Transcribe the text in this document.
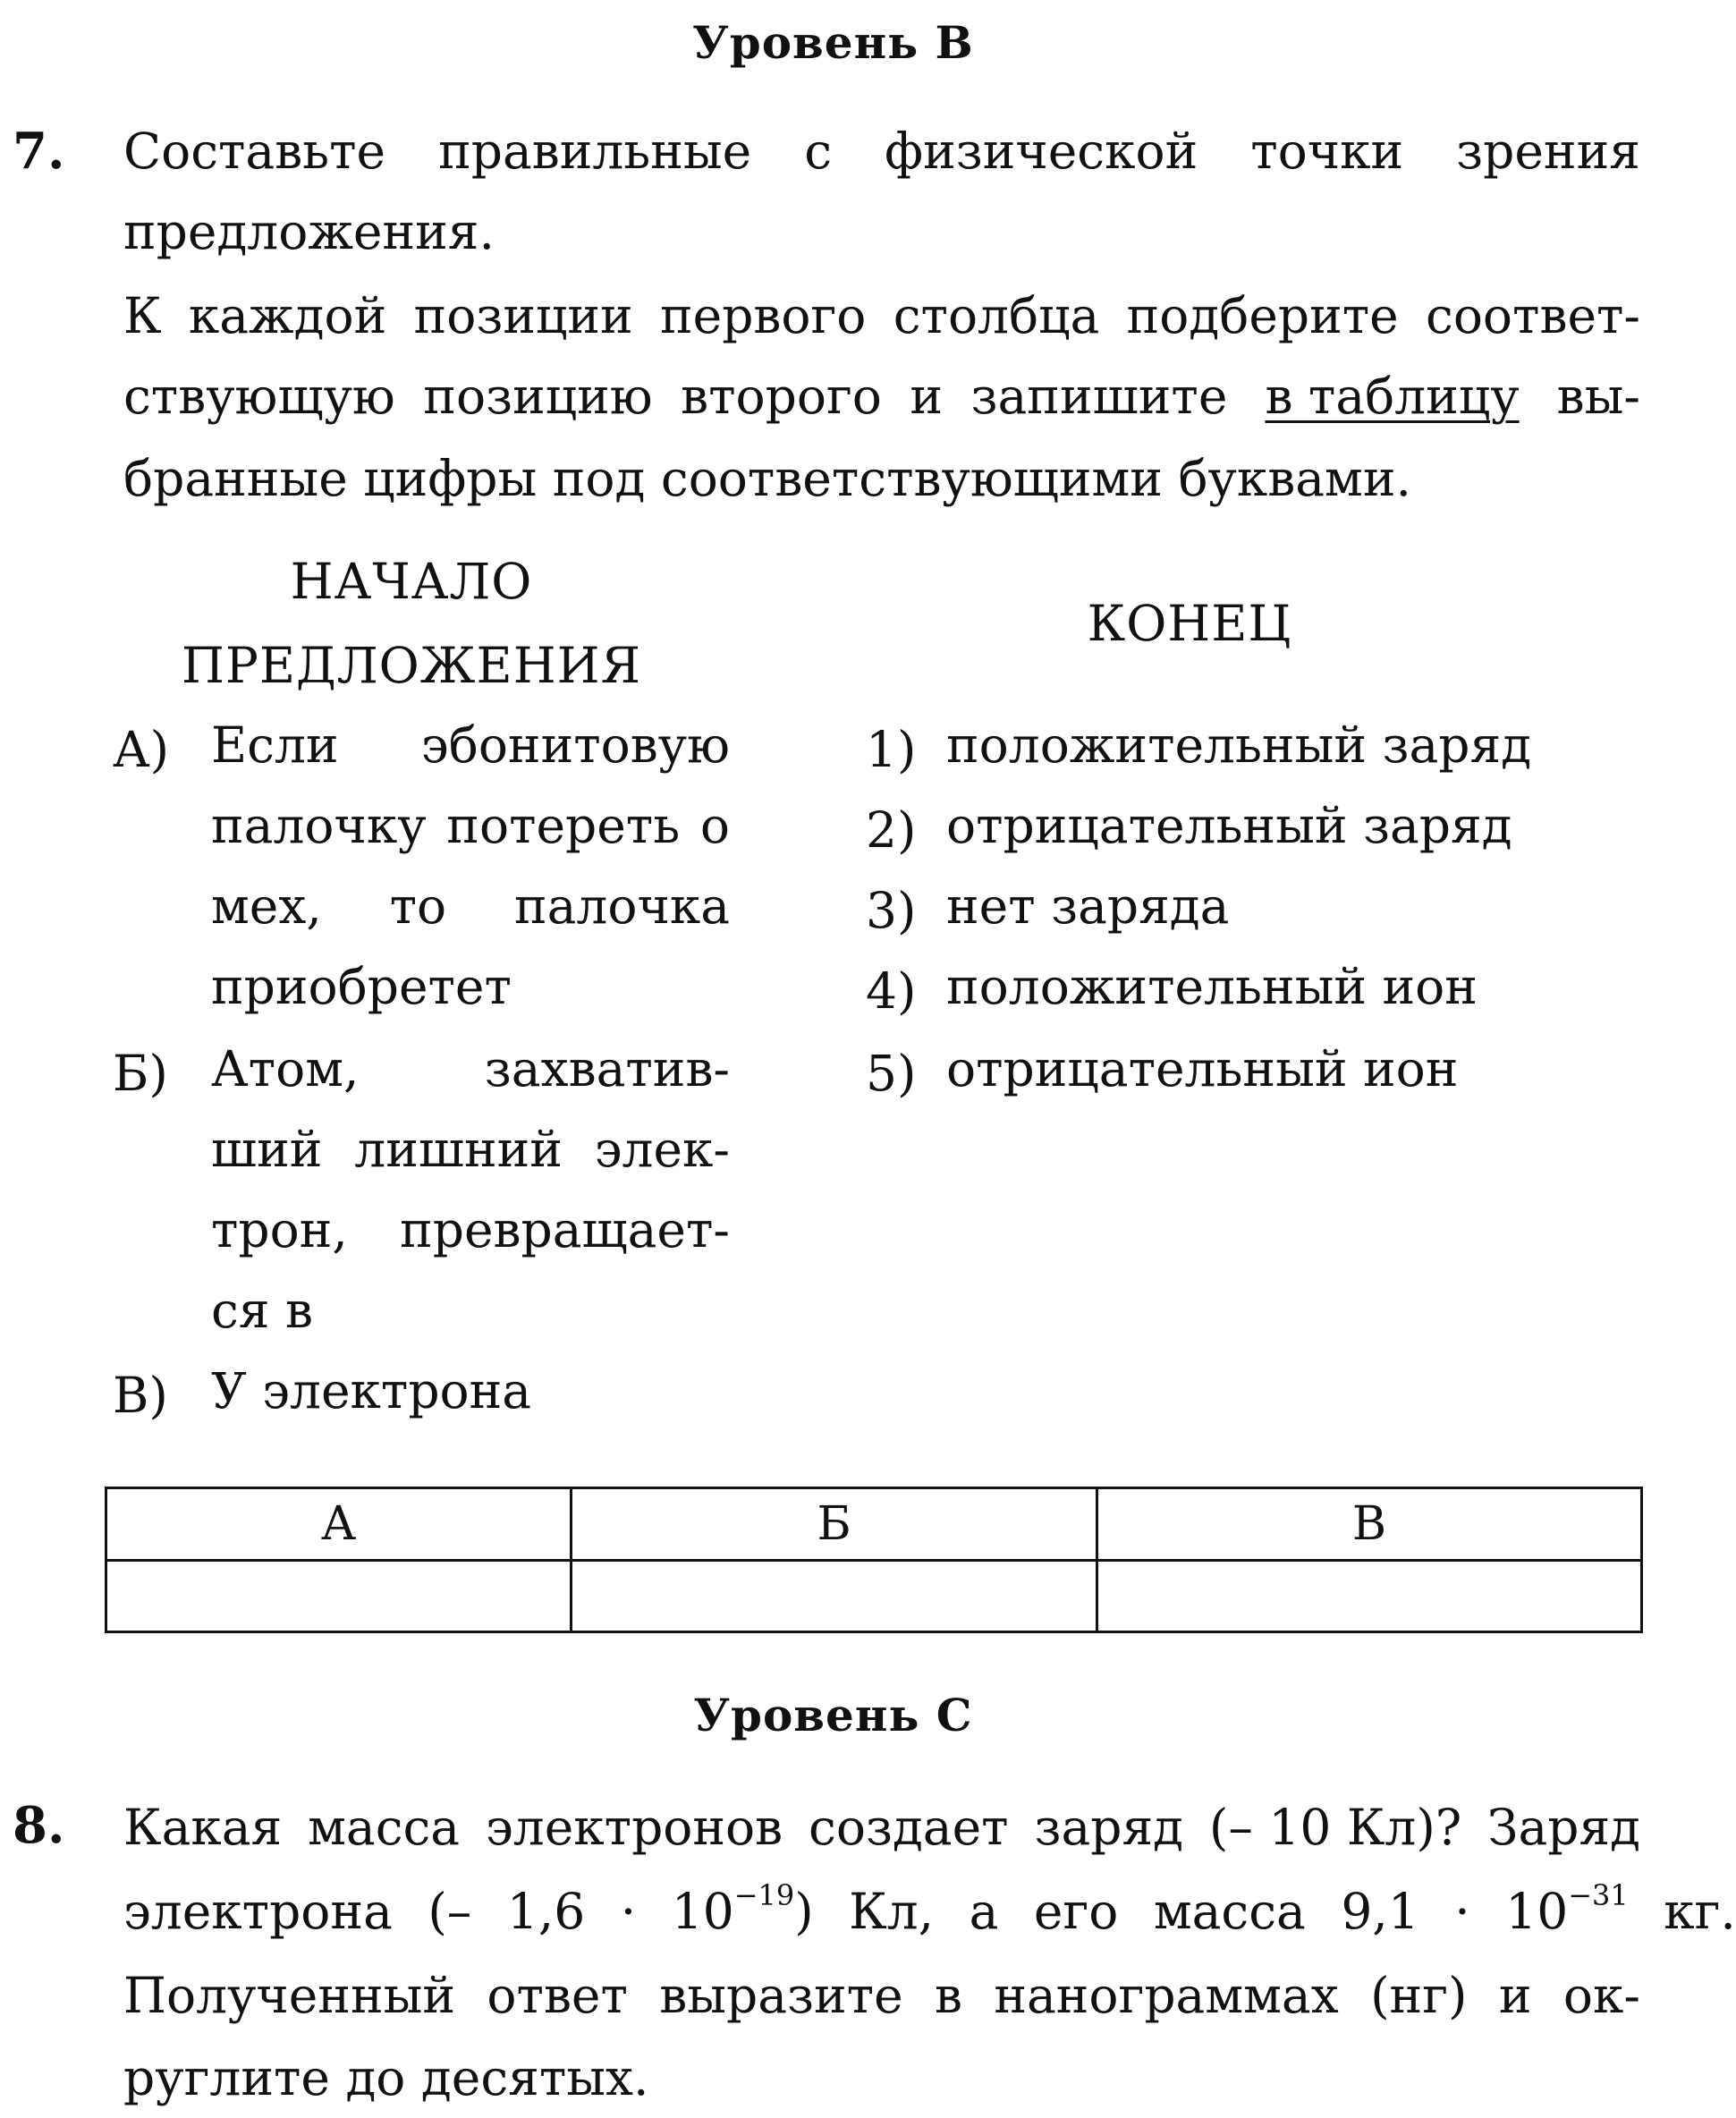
Уровень В
7. Составьте правильные с физической точки зрения
предложения.
К каждой позиции первого столбца подберите соответ-
ствующую позицию второго и запишите в таблицу вы-
бранные цифры под соответствующими буквами.
НАЧАЛО
ПРЕДЛОЖЕНИЯ
КОНЕЦ
А) Если эбонитовую
палочку потереть о
мех, то палочка
приобретет
Б) Атом,	захватив-
ший лишний элек-
трон, превращает-
ся в
В) У электрона
1) положительный заряд
2) отрицательный заряд
3) нет заряда
4) положительный ион
5) отрицательный ион
А	Б	В

Уровень С
8. Какая масса электронов создает заряд (– 10 Кл)? Заряд
электрона (– $1,6 \cdot 10^{-19}$) Кл, а его масса $9,1 \cdot 10^{-31}$ кг.
Полученный ответ выразите в нанограммах (нг) и ок-
руглите до десятых.
